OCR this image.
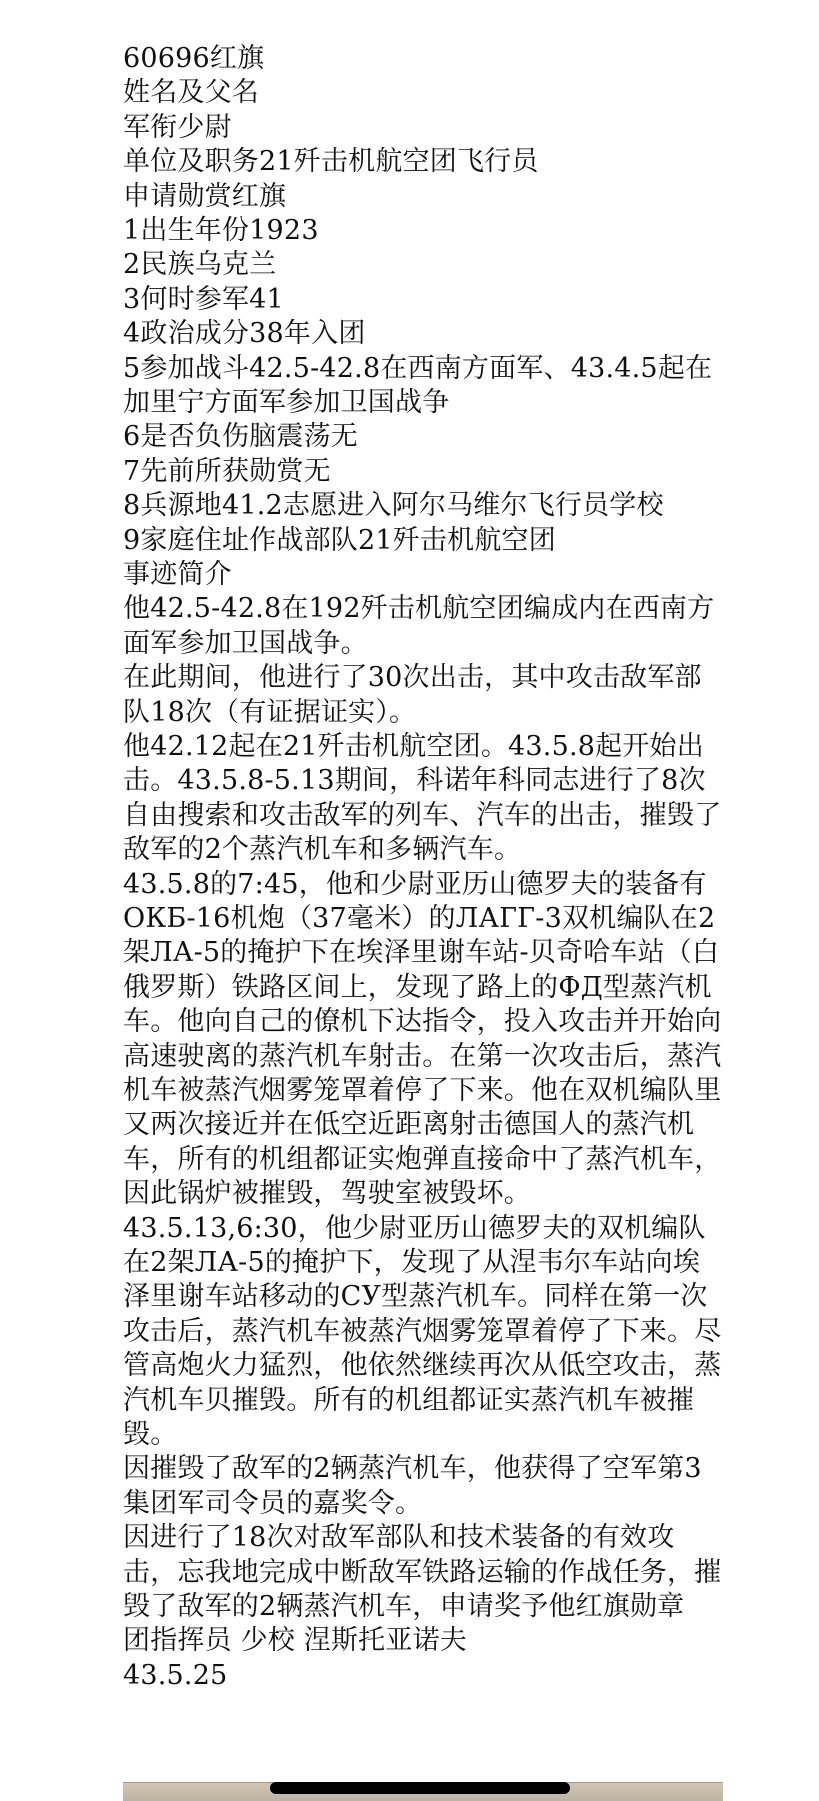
60696红旗
姓名及父名
军衔少尉
单位及职务21歼击机航空团飞行员
申请勋赏红旗
1出生年份1923
2民族乌克兰
3何时参军41
4政治成分38年入团
5参加战斗42.5-42.8在西南方面军、43.4.5起在加里宁方面军参加卫国战争
6是否负伤脑震荡无
7先前所获勋赏无
8兵源地41.2志愿进入阿尔马维尔飞行员学校
9家庭住址作战部队21歼击机航空团
事迹简介
他42.5-42.8在192歼击机航空团编成内在西南方面军参加卫国战争。
在此期间，他进行了30次出击，其中攻击敌军部队18次（有证据证实）。
他42.12起在21歼击机航空团。43.5.8起开始出击。43.5.8-5.13期间，科诺年科同志进行了8次自由搜索和攻击敌军的列车、汽车的出击，摧毁了敌军的2个蒸汽机车和多辆汽车。
43.5.8的7:45，他和少尉亚历山德罗夫的装备有ОКБ-16机炮（37毫米）的ЛАГГ-3双机编队在2架ЛА-5的掩护下在埃泽里谢车站-贝奇哈车站（白俄罗斯）铁路区间上，发现了路上的ФД型蒸汽机车。他向自己的僚机下达指令，投入攻击并开始向高速驶离的蒸汽机车射击。在第一次攻击后，蒸汽机车被蒸汽烟雾笼罩着停了下来。他在双机编队里又两次接近并在低空近距离射击德国人的蒸汽机车，所有的机组都证实炮弹直接命中了蒸汽机车，因此锅炉被摧毁，驾驶室被毁坏。
43.5.13,6:30，他少尉亚历山德罗夫的双机编队在2架ЛА-5的掩护下，发现了从涅韦尔车站向埃泽里谢车站移动的СУ型蒸汽机车。同样在第一次攻击后，蒸汽机车被蒸汽烟雾笼罩着停了下来。尽管高炮火力猛烈，他依然继续再次从低空攻击，蒸汽机车贝摧毁。所有的机组都证实蒸汽机车被摧毁。
因摧毁了敌军的2辆蒸汽机车，他获得了空军第3集团军司令员的嘉奖令。
因进行了18次对敌军部队和技术装备的有效攻击，忘我地完成中断敌军铁路运输的作战任务，摧毁了敌军的2辆蒸汽机车，申请奖予他红旗勋章
团指挥员 少校 涅斯托亚诺夫
43.5.25
